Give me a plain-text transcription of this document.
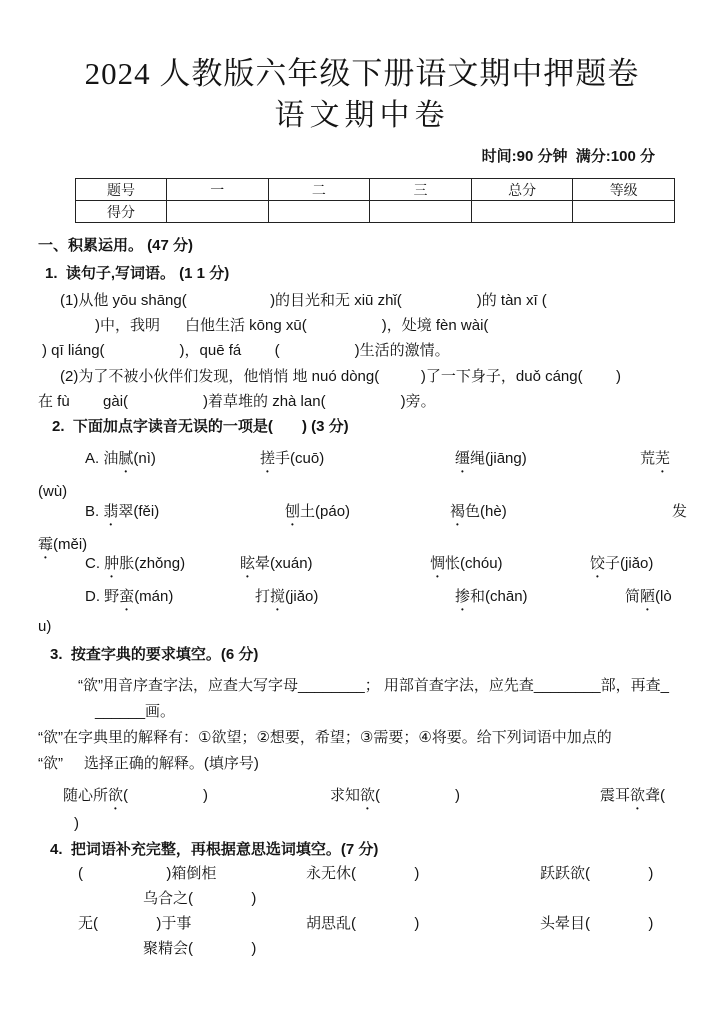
2024 人教版六年级下册语文期中押题卷
语文期中卷
时间:90 分钟  满分:100 分
题号	一	二	三	总分	等级
得分					
一、积累运用。 (47 分)
1.  读句子,写词语。 (1 1 分)
(1)从他 yōu shāng(                    )的目光和无 xiū zhǐ(                  )的 tàn xī (
)中，我明      白他生活 kōng xū(                  )，处境 fèn wài(
) qī liáng(                  )，quē fá        (                  )生活的激情。
(2)为了不被小伙伴们发现，他悄悄 地 nuó dòng(          )了一下身子，duǒ cáng(        )
在 fù        gài(                  )着草堆的 zhà lan(                  )旁。
2.  下面加点字读音无误的一项是(       ) (3 分)
A. 油腻(nì)	搓手(cuō)	缰绳(jiāng)	荒芜
(wù)
B. 翡翠(fěi)	刨土(páo)	褐色(hè)	发
霉(měi)
C. 肿胀(zhǒng)	眩晕(xuán)	惆怅(chóu)	饺子(jiǎo)
D. 野蛮(mán)	打搅(jiǎo)	掺和(chān)	简陋(lò
u)
3.  按查字典的要求填空。(6 分)
“欲”用音序查字法，应查大写字母________； 用部首查字法，应先查________部，再查_
______画。
“欲”在字典里的解释有：①欲望；②想要，希望；③需要；④将要。给下列词语中加点的
“欲”     选择正确的解释。(填序号)
随心所欲(                  )	求知欲(                  )	震耳欲聋(
)
4.  把词语补充完整，再根据意思选词填空。(7 分)
(                    )箱倒柜	永无休(              )	跃跃欲(              )
乌合之(              )
无(              )于事	胡思乱(              )	头晕目(              )
聚精会(              )
